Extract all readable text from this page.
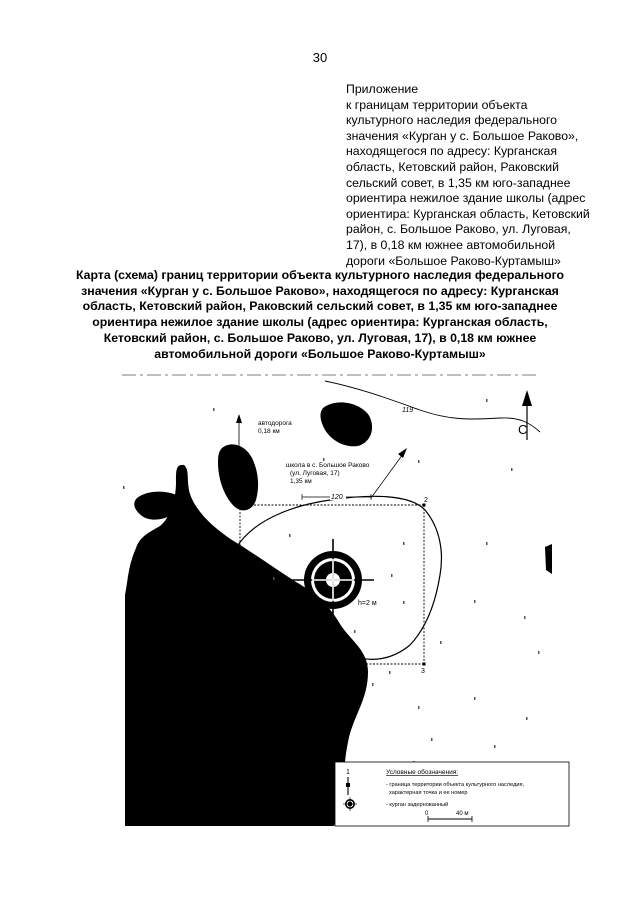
30
Приложение
к границам территории объекта
культурного наследия федерального
значения «Курган у с. Большое Раково»,
находящегося по адресу: Курганская
область, Кетовский район, Раковский
сельский совет, в 1,35 км юго-западнее
ориентира нежилое здание школы (адрес
ориентира: Курганская область, Кетовский
район, с. Большое Раково, ул. Луговая,
17), в 0,18 км южнее автомобильной
дороги «Большое Раково-Куртамыш»
Карта (схема) границ территории объекта культурного наследия федерального
значения «Курган у с. Большое Раково», находящегося по адресу: Курганская
область, Кетовский район, Раковский сельский совет, в 1,35 км юго-западнее
ориентира нежилое здание школы (адрес ориентира: Курганская область,
Кетовский район, с. Большое Раково, ул. Луговая, 17), в 0,18 км южнее
автомобильной дороги «Большое Раково-Куртамыш»
119
С
автодорога
0,18 км
школа в с. Большое Раково
(ул. Луговая, 17)
1,35 км
1	2
3
120
h=2 м
Условные обозначения:
1
- граница территории объекта культурного наследия,
характерная точка и ее номер
- курган задернованный
0	40 м
